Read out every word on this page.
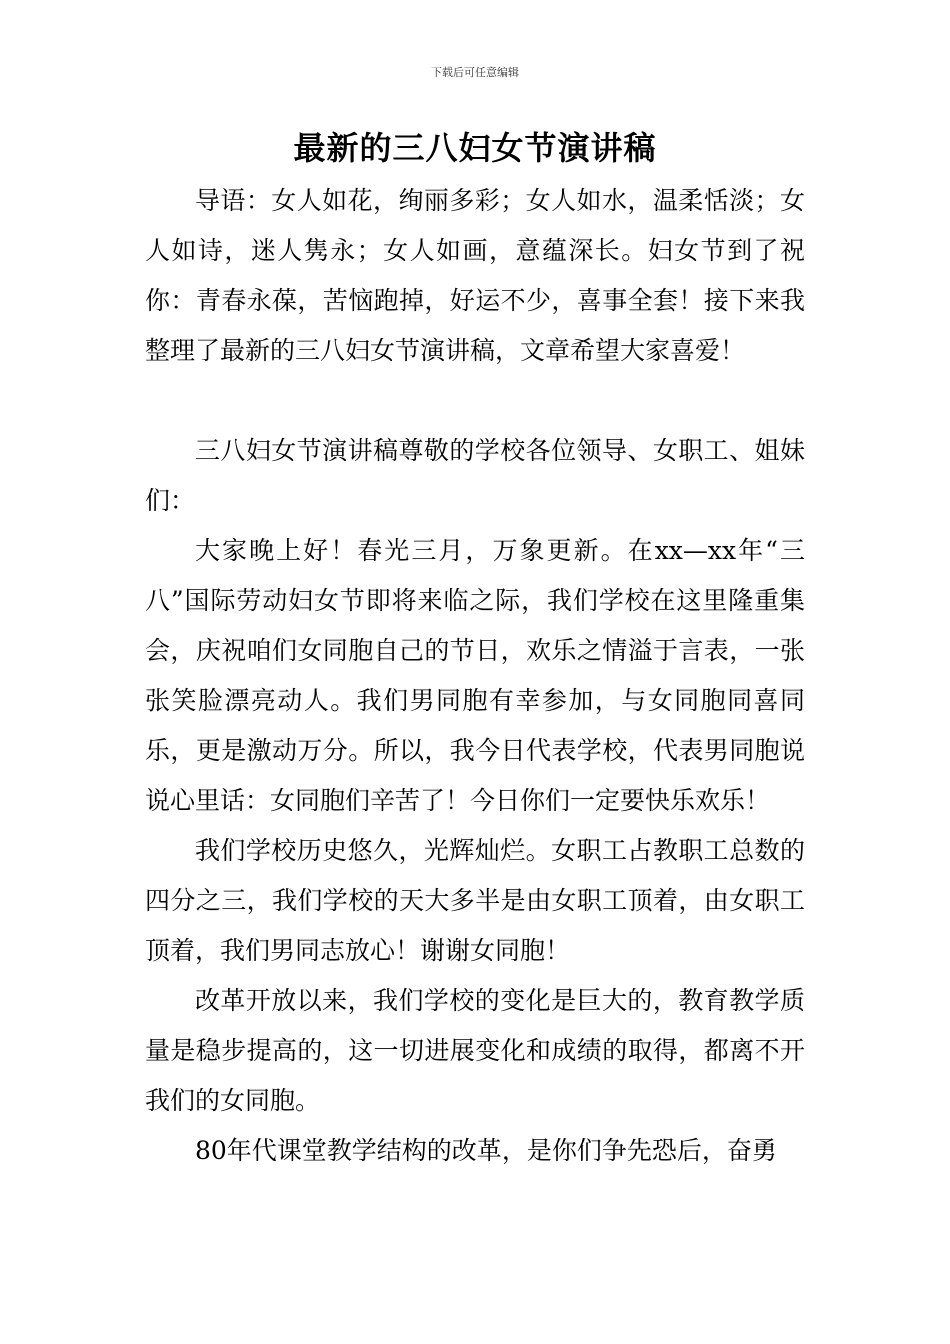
下载后可任意编辑
最新的三八妇女节演讲稿

导语：女人如花，绚丽多彩；女人如水，温柔恬淡；女人如诗，迷人隽永；女人如画，意蕴深长。妇女节到了祝你：青春永葆，苦恼跑掉，好运不少，喜事全套！接下来我整理了最新的三八妇女节演讲稿，文章希望大家喜爱！

三八妇女节演讲稿尊敬的学校各位领导、女职工、姐妹们：

大家晚上好！春光三月，万象更新。在xx—xx年“三八”国际劳动妇女节即将来临之际，我们学校在这里隆重集会，庆祝咱们女同胞自己的节日，欢乐之情溢于言表，一张张笑脸漂亮动人。我们男同胞有幸参加，与女同胞同喜同乐，更是激动万分。所以，我今日代表学校，代表男同胞说说心里话：女同胞们辛苦了！今日你们一定要快乐欢乐！

我们学校历史悠久，光辉灿烂。女职工占教职工总数的四分之三，我们学校的天大多半是由女职工顶着，由女职工顶着，我们男同志放心！谢谢女同胞！

改革开放以来，我们学校的变化是巨大的，教育教学质量是稳步提高的，这一切进展变化和成绩的取得，都离不开我们的女同胞。

80年代课堂教学结构的改革，是你们争先恐后，奋勇
